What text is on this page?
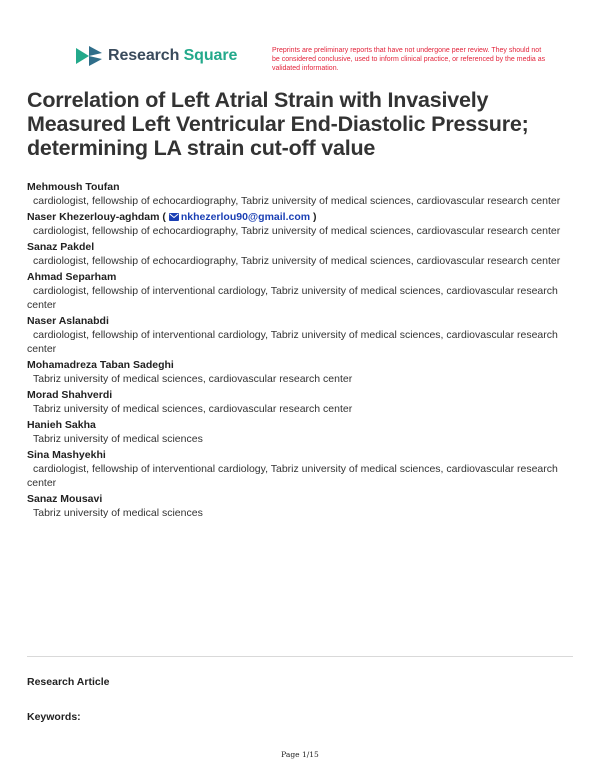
Research Square	Preprints are preliminary reports that have not undergone peer review. They should not be considered conclusive, used to inform clinical practice, or referenced by the media as validated information.
Correlation of Left Atrial Strain with Invasively Measured Left Ventricular End-Diastolic Pressure; determining LA strain cut-off value
Mehmoush Toufan
cardiologist, fellowship of echocardiography, Tabriz university of medical sciences, cardiovascular research center
Naser Khezerlouy-aghdam ( nkhezerlou90@gmail.com )
cardiologist, fellowship of echocardiography, Tabriz university of medical sciences, cardiovascular research center
Sanaz Pakdel
cardiologist, fellowship of echocardiography, Tabriz university of medical sciences, cardiovascular research center
Ahmad Separham
cardiologist, fellowship of interventional cardiology, Tabriz university of medical sciences, cardiovascular research center
Naser Aslanabdi
cardiologist, fellowship of interventional cardiology, Tabriz university of medical sciences, cardiovascular research center
Mohamadreza Taban Sadeghi
Tabriz university of medical sciences, cardiovascular research center
Morad Shahverdi
Tabriz university of medical sciences, cardiovascular research center
Hanieh Sakha
Tabriz university of medical sciences
Sina Mashyekhi
cardiologist, fellowship of interventional cardiology, Tabriz university of medical sciences, cardiovascular research center
Sanaz Mousavi
Tabriz university of medical sciences
Research Article
Keywords:
Page 1/15
